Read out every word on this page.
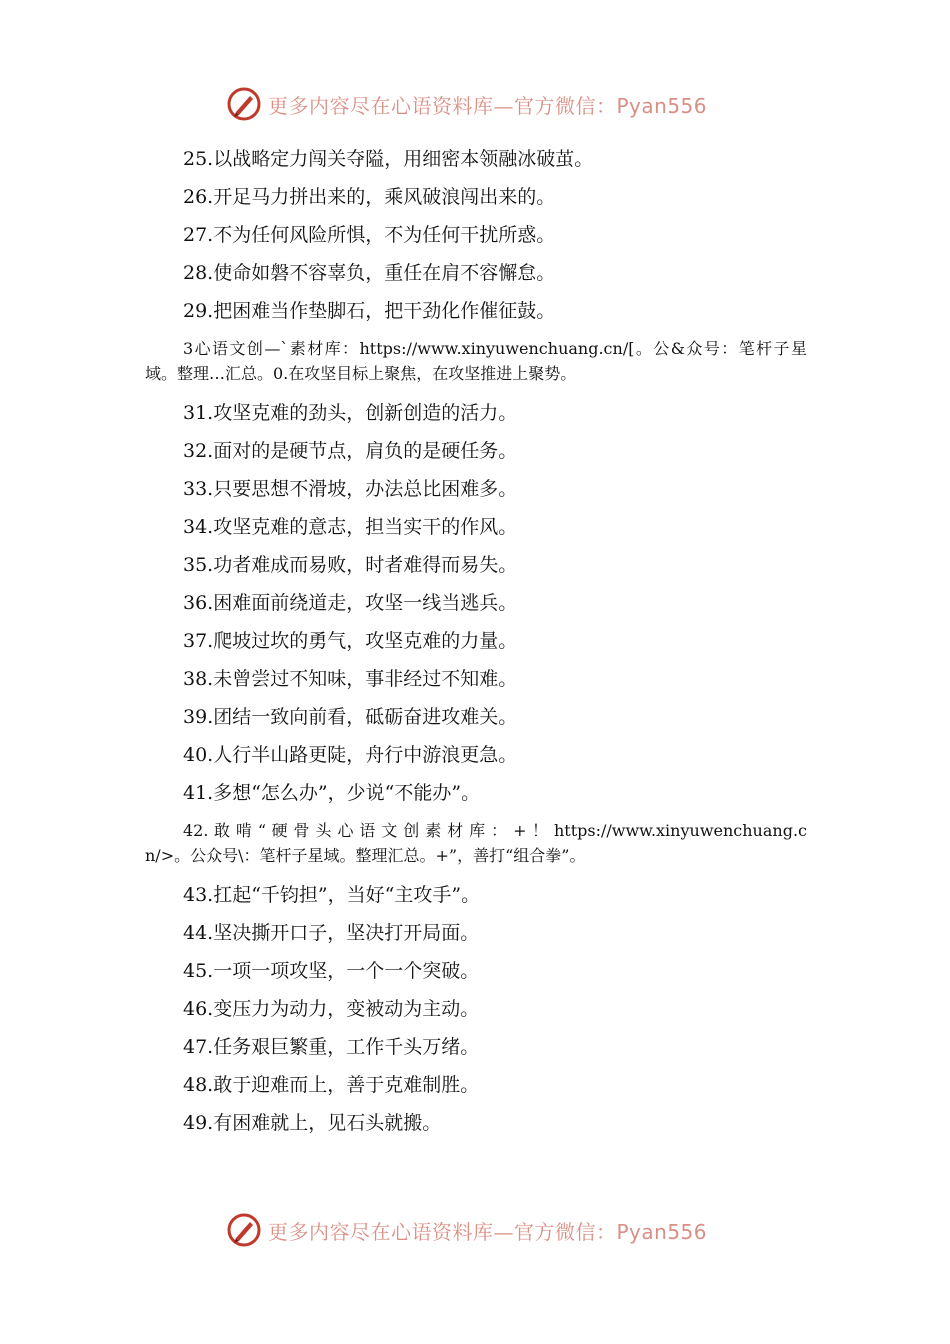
更多内容尽在心语资料库—官方微信：Pyan556
25.以战略定力闯关夺隘，用细密本领融冰破茧。
26.开足马力拼出来的，乘风破浪闯出来的。
27.不为任何风险所惧，不为任何干扰所惑。
28.使命如磐不容辜负，重任在肩不容懈怠。
29.把困难当作垫脚石，把干劲化作催征鼓。
3心语文创—`素材库：https://www.xinyuwenchuang.cn/[。公&众号：笔杆子星域。整理…汇总。0.在攻坚目标上聚焦，在攻坚推进上聚势。
31.攻坚克难的劲头，创新创造的活力。
32.面对的是硬节点，肩负的是硬任务。
33.只要思想不滑坡，办法总比困难多。
34.攻坚克难的意志，担当实干的作风。
35.功者难成而易败，时者难得而易失。
36.困难面前绕道走，攻坚一线当逃兵。
37.爬坡过坎的勇气，攻坚克难的力量。
38.未曾尝过不知味，事非经过不知难。
39.团结一致向前看，砥砺奋进攻难关。
40.人行半山路更陡，舟行中游浪更急。
41.多想“怎么办”，少说“不能办”。
42. 敢 啃 “ 硬 骨 头 心 语 文 创 素 材 库 ： + ！ https://www.xinyuwenchuang.cn/>。公众号\：笔杆子星域。整理汇总。+”，善打“组合拳”。
43.扛起“千钧担”，当好“主攻手”。
44.坚决撕开口子，坚决打开局面。
45.一项一项攻坚，一个一个突破。
46.变压力为动力，变被动为主动。
47.任务艰巨繁重，工作千头万绪。
48.敢于迎难而上，善于克难制胜。
49.有困难就上，见石头就搬。
更多内容尽在心语资料库—官方微信：Pyan556
